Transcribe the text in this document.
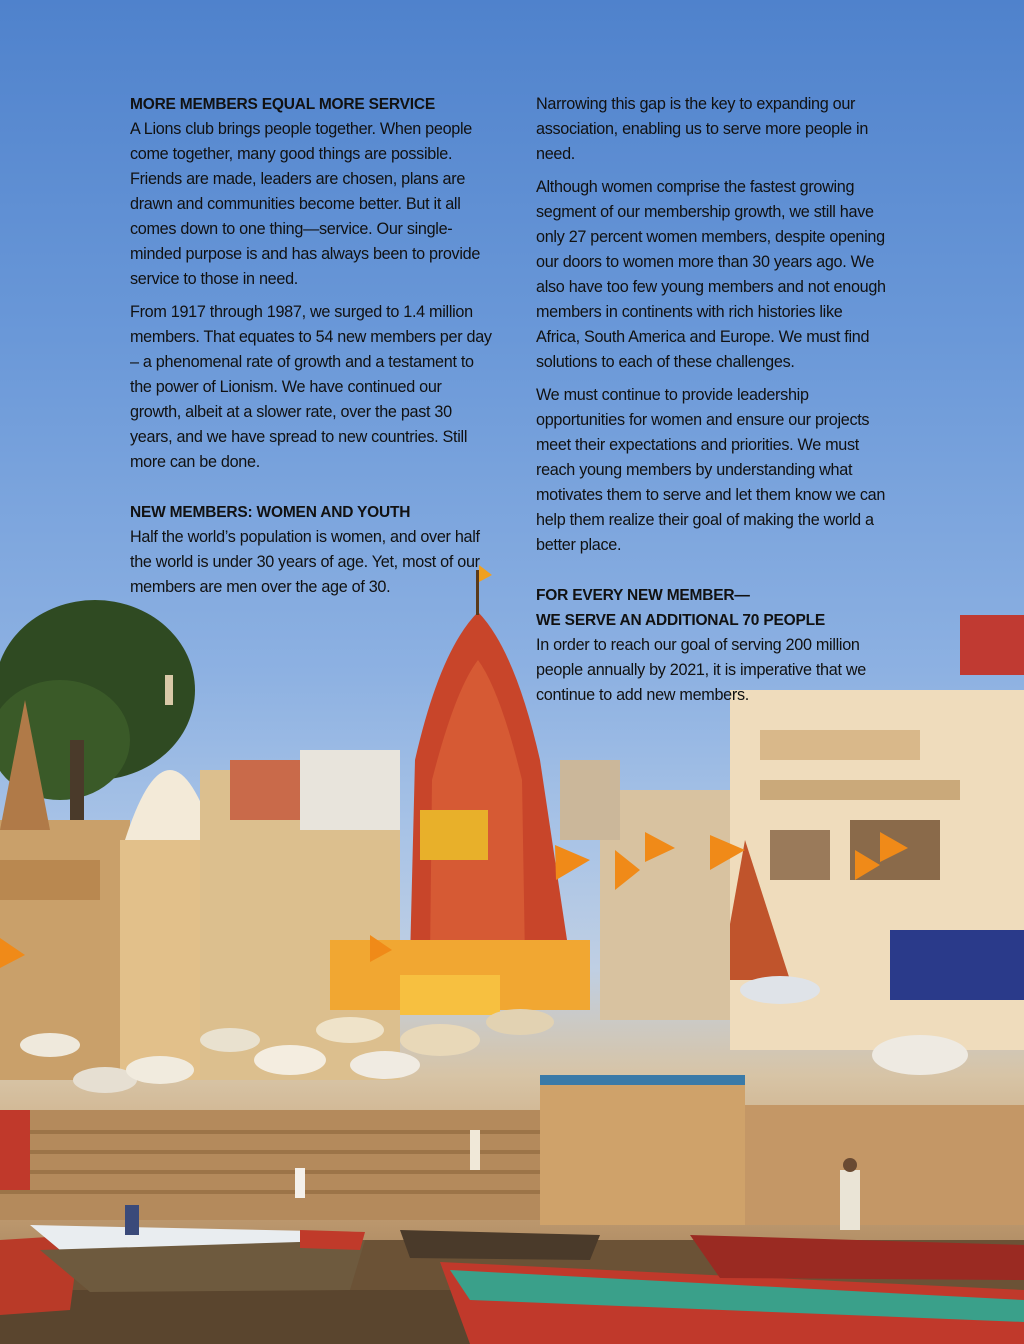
MORE MEMBERS EQUAL MORE SERVICE

A Lions club brings people together. When people come together, many good things are possible. Friends are made, leaders are chosen, plans are drawn and communities become better. But it all comes down to one thing—service. Our single-minded purpose is and has always been to provide service to those in need.

From 1917 through 1987, we surged to 1.4 million members. That equates to 54 new members per day – a phenomenal rate of growth and a testament to the power of Lionism. We have continued our growth, albeit at a slower rate, over the past 30 years, and we have spread to new countries. Still more can be done.

NEW MEMBERS: WOMEN AND YOUTH

Half the world’s population is women, and over half the world is under 30 years of age. Yet, most of our members are men over the age of 30.

Narrowing this gap is the key to expanding our association, enabling us to serve more people in need.

Although women comprise the fastest growing segment of our membership growth, we still have only 27 percent women members, despite opening our doors to women more than 30 years ago. We also have too few young members and not enough members in continents with rich histories like Africa, South America and Europe. We must find solutions to each of these challenges.

We must continue to provide leadership opportunities for women and ensure our projects meet their expectations and priorities. We must reach young members by understanding what motivates them to serve and let them know we can help them realize their goal of making the world a better place.

FOR EVERY NEW MEMBER—
WE SERVE AN ADDITIONAL 70 PEOPLE

In order to reach our goal of serving 200 million people annually by 2021, it is imperative that we continue to add new members.
